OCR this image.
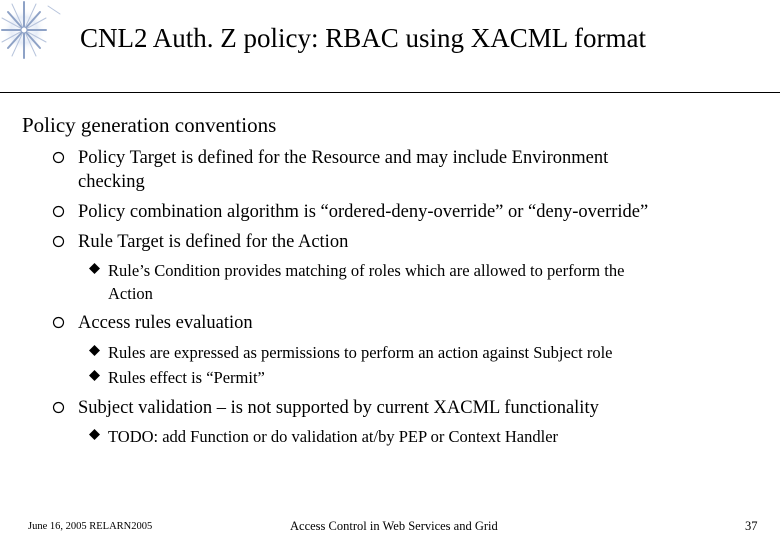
CNL2 Auth. Z policy: RBAC using XACML format
Policy generation conventions
Policy Target is defined for the Resource and may include Environment
checking
Policy combination algorithm is “ordered-deny-override” or “deny-override”
Rule Target is defined for the Action
Rule’s Condition provides matching of roles which are allowed to perform the
Action
Access rules evaluation
Rules are expressed as permissions to perform an action against Subject role
Rules effect is “Permit”
Subject validation – is not supported by current XACML functionality
TODO: add Function or do validation at/by PEP or Context Handler
June 16, 2005 RELARN2005	Access Control in Web Services and Grid	37
